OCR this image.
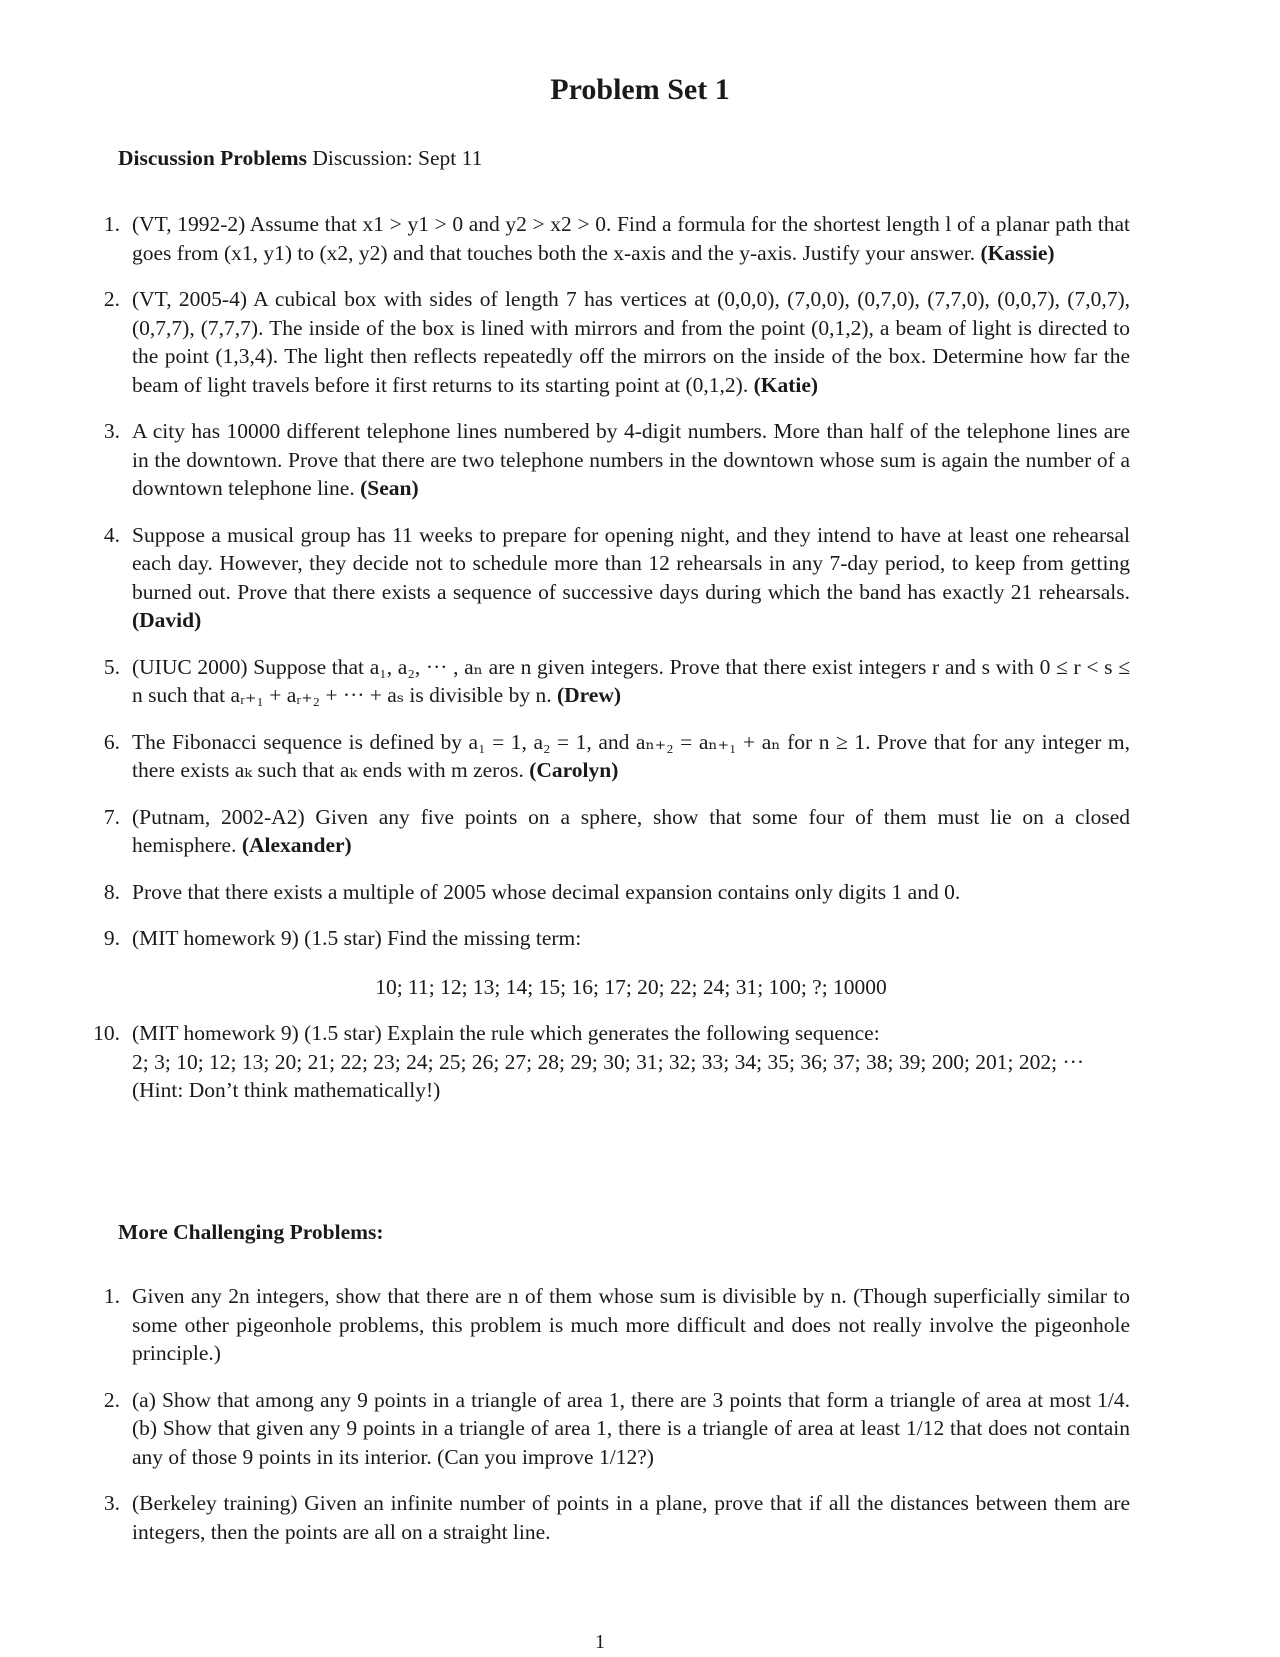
Problem Set 1
Discussion Problems Discussion: Sept 11
1. (VT, 1992-2) Assume that x1 > y1 > 0 and y2 > x2 > 0. Find a formula for the shortest length l of a planar path that goes from (x1, y1) to (x2, y2) and that touches both the x-axis and the y-axis. Justify your answer. (Kassie)
2. (VT, 2005-4) A cubical box with sides of length 7 has vertices at (0,0,0), (7,0,0), (0,7,0), (7,7,0), (0,0,7), (7,0,7), (0,7,7), (7,7,7). The inside of the box is lined with mirrors and from the point (0,1,2), a beam of light is directed to the point (1,3,4). The light then reflects repeatedly off the mirrors on the inside of the box. Determine how far the beam of light travels before it first returns to its starting point at (0,1,2). (Katie)
3. A city has 10000 different telephone lines numbered by 4-digit numbers. More than half of the telephone lines are in the downtown. Prove that there are two telephone numbers in the downtown whose sum is again the number of a downtown telephone line. (Sean)
4. Suppose a musical group has 11 weeks to prepare for opening night, and they intend to have at least one rehearsal each day. However, they decide not to schedule more than 12 rehearsals in any 7-day period, to keep from getting burned out. Prove that there exists a sequence of successive days during which the band has exactly 21 rehearsals. (David)
5. (UIUC 2000) Suppose that a₁, a₂, ··· , aₙ are n given integers. Prove that there exist integers r and s with 0 ≤ r < s ≤ n such that aᵣ₊₁ + aᵣ₊₂ + ··· + aₛ is divisible by n. (Drew)
6. The Fibonacci sequence is defined by a₁ = 1, a₂ = 1, and aₙ₊₂ = aₙ₊₁ + aₙ for n ≥ 1. Prove that for any integer m, there exists aₖ such that aₖ ends with m zeros. (Carolyn)
7. (Putnam, 2002-A2) Given any five points on a sphere, show that some four of them must lie on a closed hemisphere. (Alexander)
8. Prove that there exists a multiple of 2005 whose decimal expansion contains only digits 1 and 0.
9. (MIT homework 9) (1.5 star) Find the missing term:
10; 11; 12; 13; 14; 15; 16; 17; 20; 22; 24; 31; 100; ?; 10000
10. (MIT homework 9) (1.5 star) Explain the rule which generates the following sequence:
2; 3; 10; 12; 13; 20; 21; 22; 23; 24; 25; 26; 27; 28; 29; 30; 31; 32; 33; 34; 35; 36; 37; 38; 39; 200; 201; 202; ···
(Hint: Don’t think mathematically!)
More Challenging Problems:
1. Given any 2n integers, show that there are n of them whose sum is divisible by n. (Though superficially similar to some other pigeonhole problems, this problem is much more difficult and does not really involve the pigeonhole principle.)
2. (a) Show that among any 9 points in a triangle of area 1, there are 3 points that form a triangle of area at most 1/4. (b) Show that given any 9 points in a triangle of area 1, there is a triangle of area at least 1/12 that does not contain any of those 9 points in its interior. (Can you improve 1/12?)
3. (Berkeley training) Given an infinite number of points in a plane, prove that if all the distances between them are integers, then the points are all on a straight line.
1
